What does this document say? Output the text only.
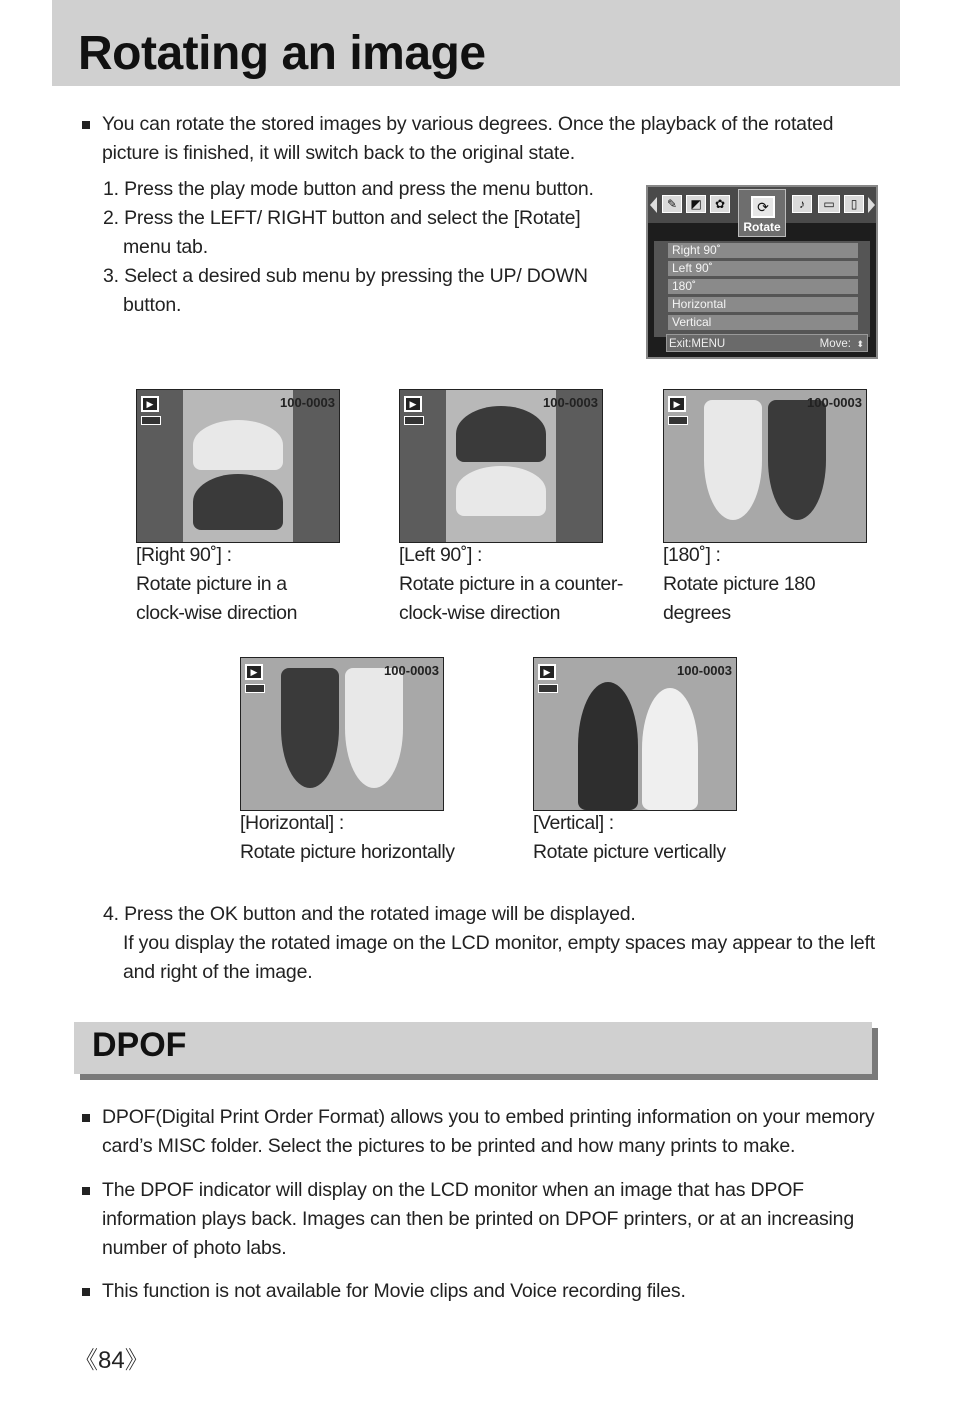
Rotating an image
You can rotate the stored images by various degrees. Once the playback of the rotated picture is finished, it will switch back to the original state.
1. Press the play mode button and press the menu button.
2. Press the LEFT/ RIGHT button and select the [Rotate]
menu tab.
3. Select a desired sub menu by pressing the UP/ DOWN
button.
✎	◩	✿	⟳
Rotate
♪	▭	▯
Right 90˚
Left 90˚
180˚
Horizontal
Vertical
Exit:MENU	Move: ⬍
▶	100-0003	▶	100-0003	▶	100-0003
[Right 90˚] :
Rotate picture in a
clock-wise direction
[Left 90˚] :
Rotate picture in a counter-
clock-wise direction
[180˚] :
Rotate picture 180
degrees
▶	100-0003	▶	100-0003
[Horizontal] :
Rotate picture horizontally
[Vertical] :
Rotate picture vertically
4. Press the OK button and the rotated image will be displayed.
If you display the rotated image on the LCD monitor, empty spaces may appear to the left
and right of the image.
DPOF
DPOF(Digital Print Order Format) allows you to embed printing information on your memory
card’s MISC folder. Select the pictures to be printed and how many prints to make.
The DPOF indicator will display on the LCD monitor when an image that has DPOF
information plays back. Images can then be printed on DPOF printers, or at an increasing
number of photo labs.
This function is not available for Movie clips and Voice recording files.
《84》
